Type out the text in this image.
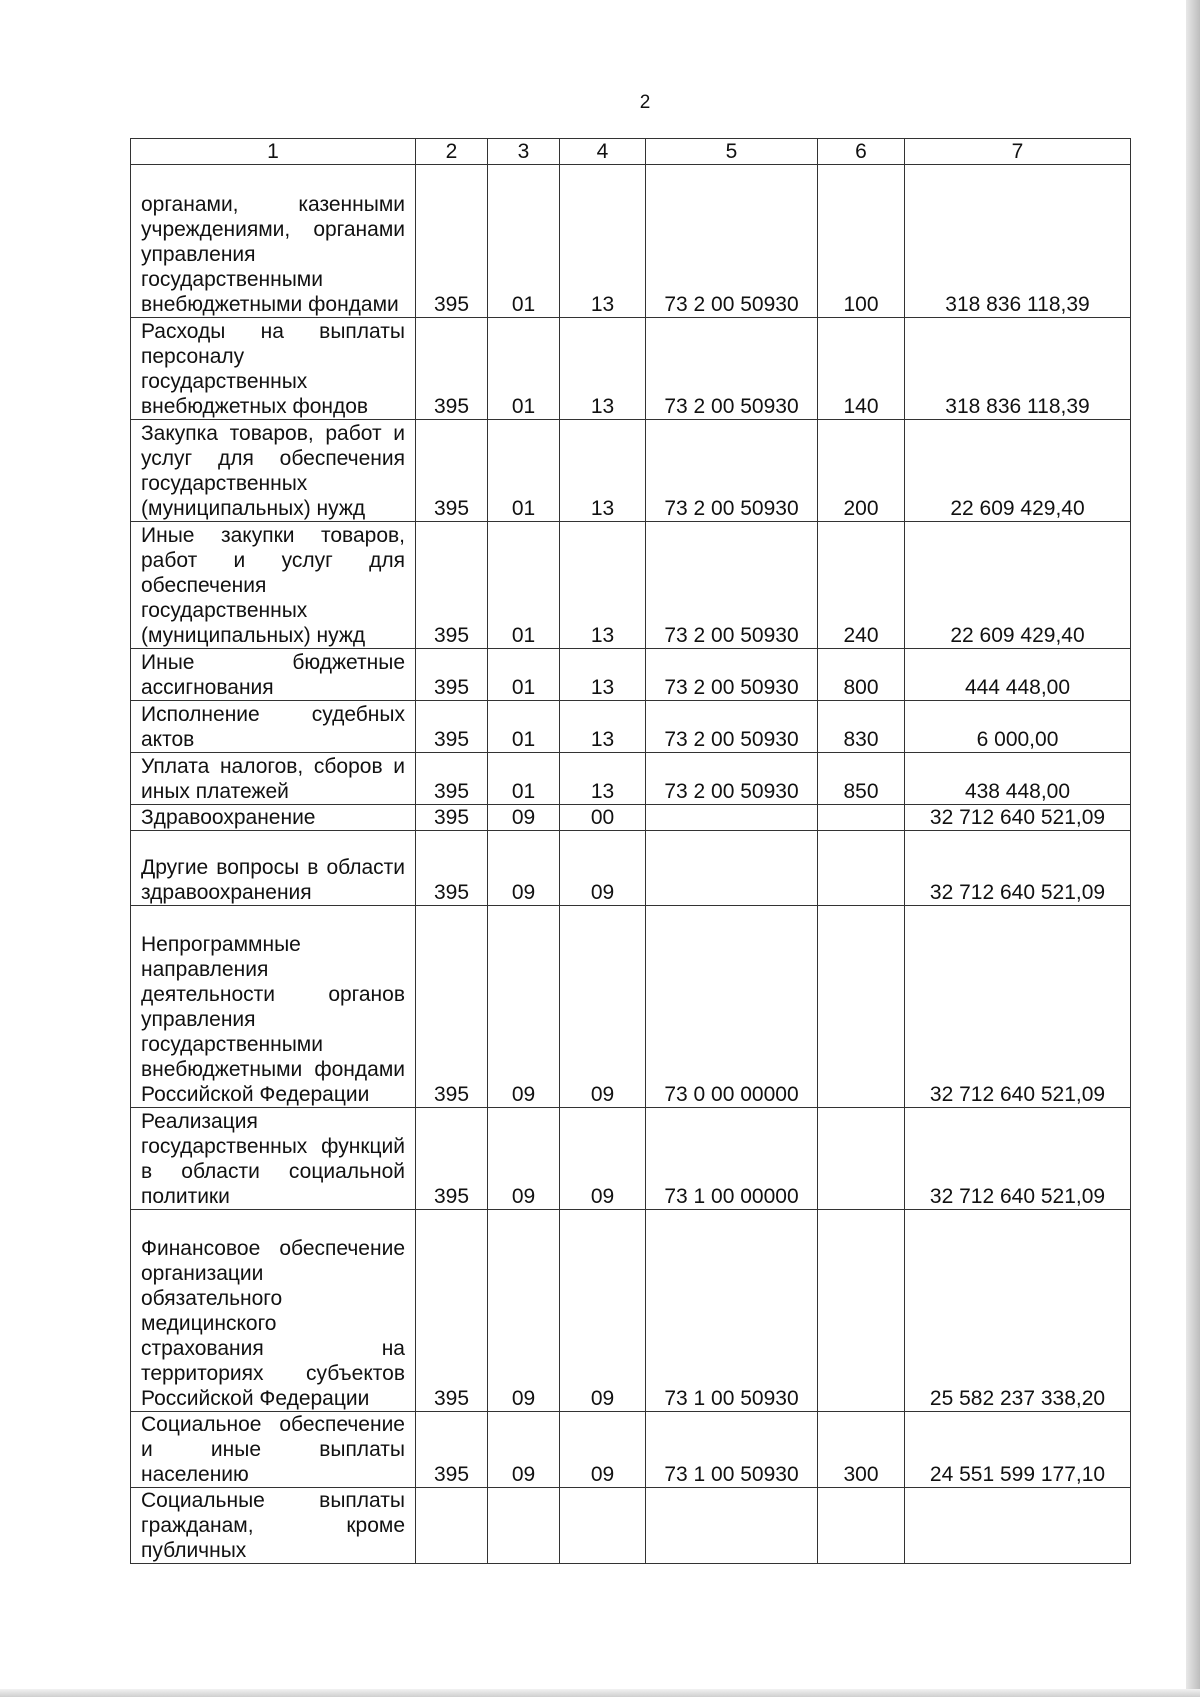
2
1	2	3	4	5	6	7
органами, казенными учреждениями, органами управления государственными внебюджетными фондами	395	01	13	73 2 00 50930	100	318 836 118,39
Расходы на выплаты персоналу государственных внебюджетных фондов	395	01	13	73 2 00 50930	140	318 836 118,39
Закупка товаров, работ и услуг для обеспечения государственных (муниципальных) нужд	395	01	13	73 2 00 50930	200	22 609 429,40
Иные закупки товаров, работ и услуг для обеспечения государственных (муниципальных) нужд	395	01	13	73 2 00 50930	240	22 609 429,40
Иные бюджетные ассигнования	395	01	13	73 2 00 50930	800	444 448,00
Исполнение судебных актов	395	01	13	73 2 00 50930	830	6 000,00
Уплата налогов, сборов и иных платежей	395	01	13	73 2 00 50930	850	438 448,00
Здравоохранение	395	09	00			32 712 640 521,09
Другие вопросы в области здравоохранения	395	09	09			32 712 640 521,09
Непрограммные направления деятельности органов управления государственными внебюджетными фондами Российской Федерации	395	09	09	73 0 00 00000		32 712 640 521,09
Реализация государственных функций в области социальной политики	395	09	09	73 1 00 00000		32 712 640 521,09
Финансовое обеспечение организации обязательного медицинского страхования на территориях субъектов Российской Федерации	395	09	09	73 1 00 50930		25 582 237 338,20
Социальное обеспечение и иные выплаты населению	395	09	09	73 1 00 50930	300	24 551 599 177,10
Социальные выплаты гражданам, кроме публичных						
